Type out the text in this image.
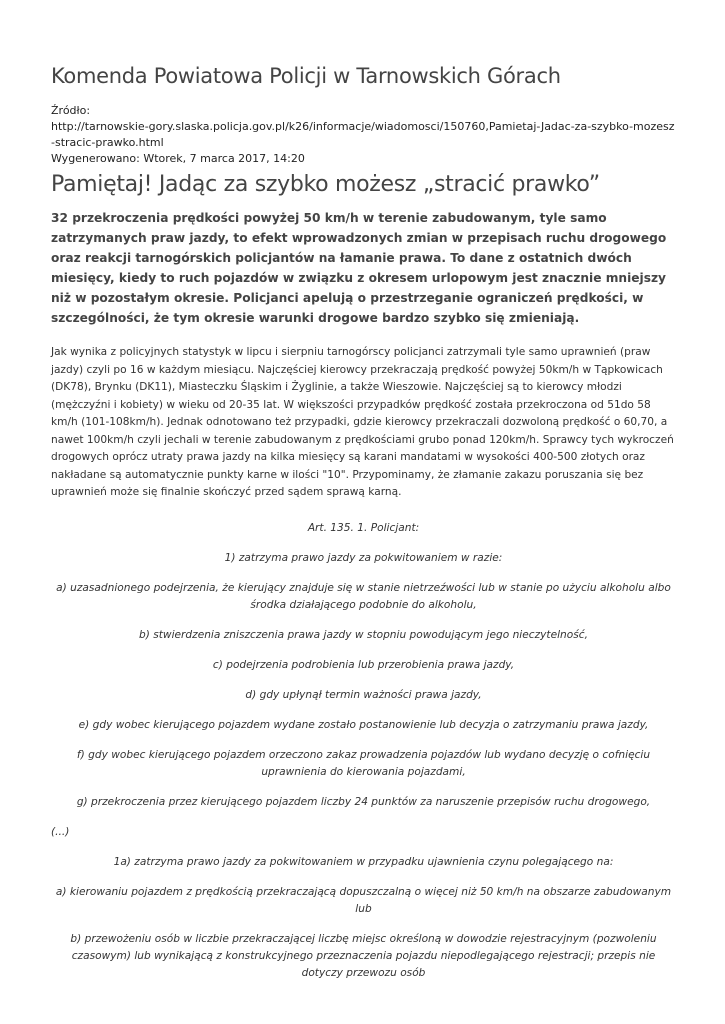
Komenda Powiatowa Policji w Tarnowskich Górach
Źródło:
http://tarnowskie-gory.slaska.policja.gov.pl/k26/informacje/wiadomosci/150760,Pamietaj-Jadac-za-szybko-mozesz-stracic-prawko.html
Wygenerowano: Wtorek, 7 marca 2017, 14:20
Pamiętaj! Jadąc za szybko możesz „stracić prawko”

32 przekroczenia prędkości powyżej 50 km/h w terenie zabudowanym, tyle samo zatrzymanych praw jazdy, to efekt wprowadzonych zmian w przepisach ruchu drogowego oraz reakcji tarnogórskich policjantów na łamanie prawa. To dane z ostatnich dwóch miesięcy, kiedy to ruch pojazdów w związku z okresem urlopowym jest znacznie mniejszy niż w pozostałym okresie. Policjanci apelują o przestrzeganie ograniczeń prędkości, w szczególności, że tym okresie warunki drogowe bardzo szybko się zmieniają.

Jak wynika z policyjnych statystyk w lipcu i sierpniu tarnogórscy policjanci zatrzymali tyle samo uprawnień (praw jazdy) czyli po 16 w każdym miesiącu. Najczęściej kierowcy przekraczają prędkość powyżej 50km/h w Tąpkowicach (DK78), Brynku (DK11), Miasteczku Śląskim i Żyglinie, a także Wieszowie. Najczęściej są to kierowcy młodzi (mężczyźni i kobiety) w wieku od 20-35 lat. W większości przypadków prędkość została przekroczona od 51do 58 km/h (101-108km/h). Jednak odnotowano też przypadki, gdzie kierowcy przekraczali dozwoloną prędkość o 60,70, a nawet 100km/h czyli jechali w terenie zabudowanym z prędkościami grubo ponad 120km/h. Sprawcy tych wykroczeń drogowych oprócz utraty prawa jazdy na kilka miesięcy są karani mandatami w wysokości 400-500 złotych oraz nakładane są automatycznie punkty karne w ilości "10". Przypominamy, że złamanie zakazu poruszania się bez uprawnień może się finalnie skończyć przed sądem sprawą karną.

Art. 135. 1. Policjant:

1) zatrzyma prawo jazdy za pokwitowaniem w razie:

a) uzasadnionego podejrzenia, że kierujący znajduje się w stanie nietrzeźwości lub w stanie po użyciu alkoholu albo środka działającego podobnie do alkoholu,

b) stwierdzenia zniszczenia prawa jazdy w stopniu powodującym jego nieczytelność,

c) podejrzenia podrobienia lub przerobienia prawa jazdy,

d) gdy upłynął termin ważności prawa jazdy,

e) gdy wobec kierującego pojazdem wydane zostało postanowienie lub decyzja o zatrzymaniu prawa jazdy,

f) gdy wobec kierującego pojazdem orzeczono zakaz prowadzenia pojazdów lub wydano decyzję o cofnięciu uprawnienia do kierowania pojazdami,

g) przekroczenia przez kierującego pojazdem liczby 24 punktów za naruszenie przepisów ruchu drogowego,

(...)

1a) zatrzyma prawo jazdy za pokwitowaniem w przypadku ujawnienia czynu polegającego na:

a) kierowaniu pojazdem z prędkością przekraczającą dopuszczalną o więcej niż 50 km/h na obszarze zabudowanym lub

b) przewożeniu osób w liczbie przekraczającej liczbę miejsc określoną w dowodzie rejestracyjnym (pozwoleniu czasowym) lub wynikającą z konstrukcyjnego przeznaczenia pojazdu niepodlegającego rejestracji; przepis nie dotyczy przewozu osób
